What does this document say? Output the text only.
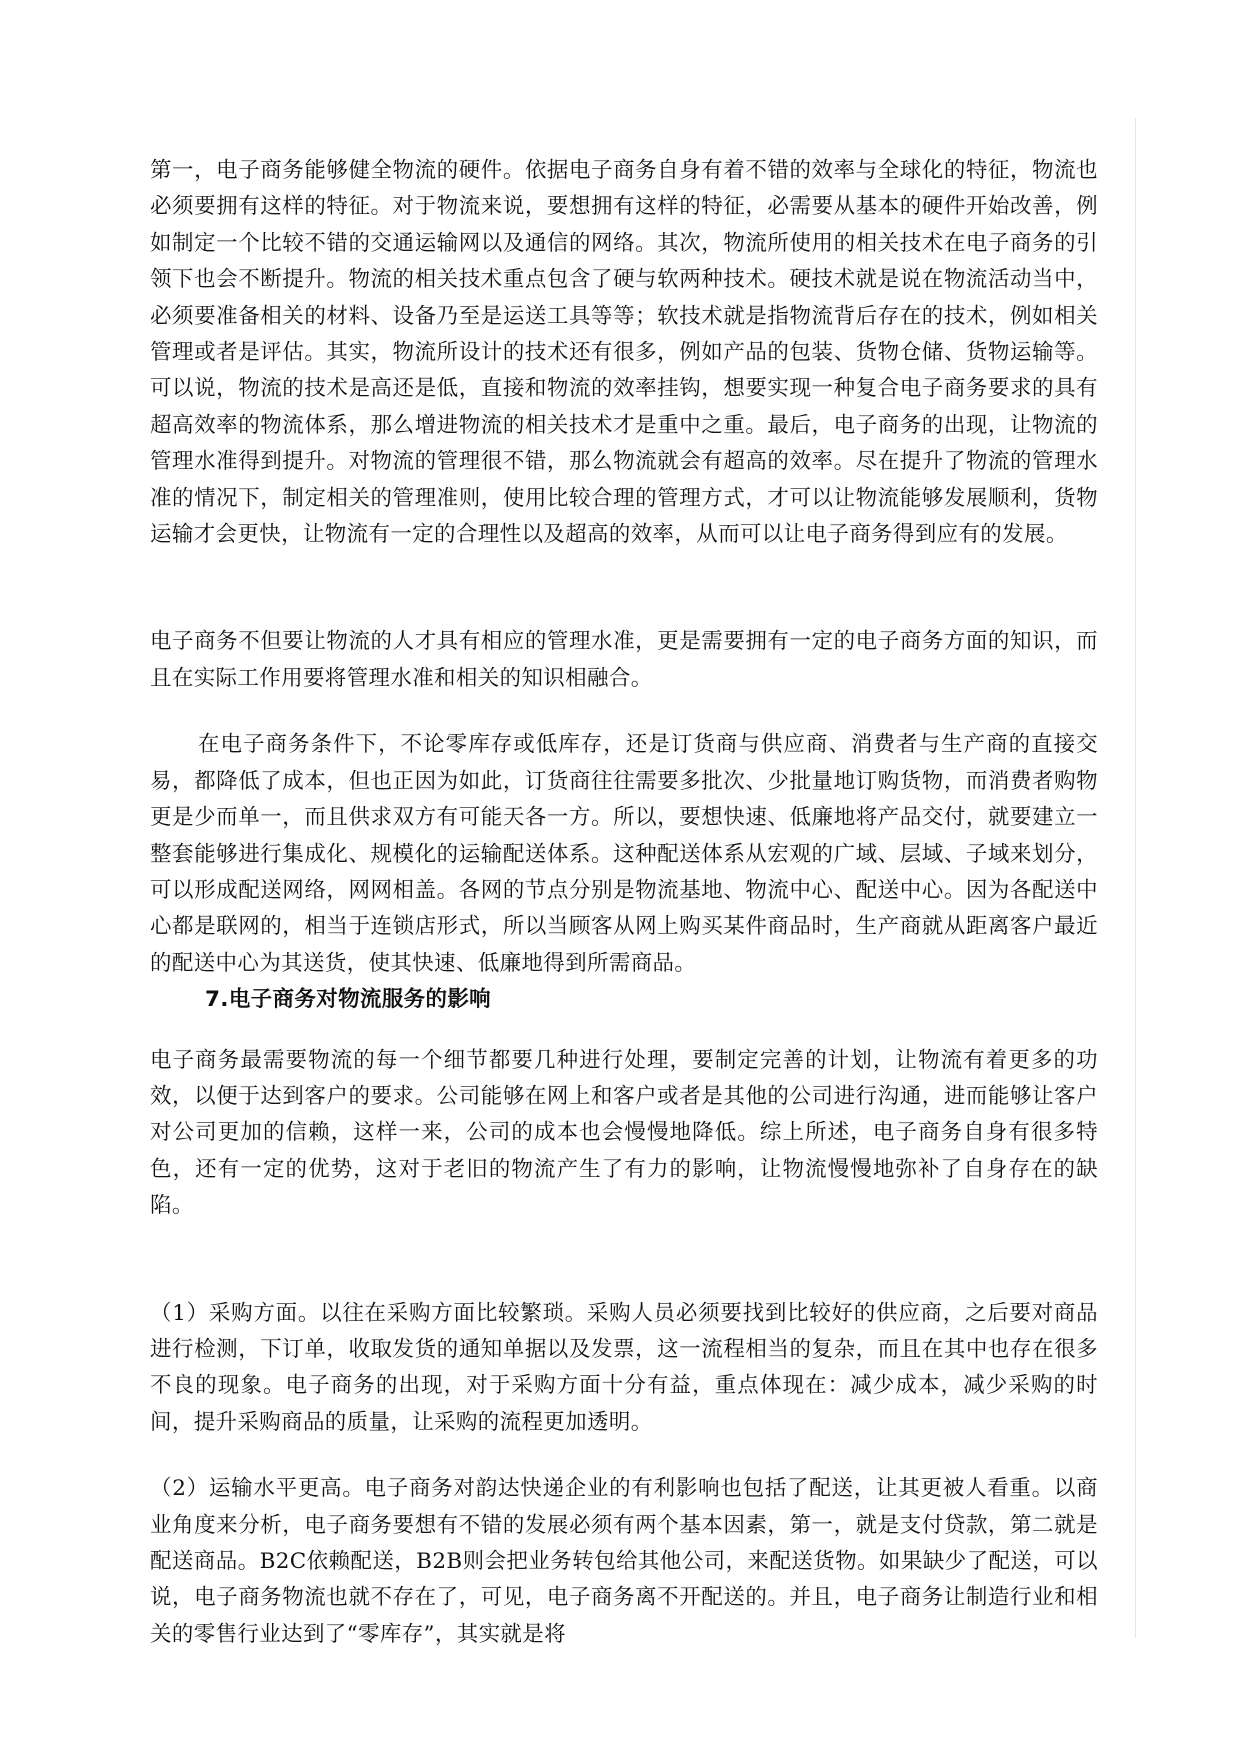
第一，电子商务能够健全物流的硬件。依据电子商务自身有着不错的效率与全球化的特征，物流也必须要拥有这样的特征。对于物流来说，要想拥有这样的特征，必需要从基本的硬件开始改善，例如制定一个比较不错的交通运输网以及通信的网络。其次，物流所使用的相关技术在电子商务的引领下也会不断提升。物流的相关技术重点包含了硬与软两种技术。硬技术就是说在物流活动当中，必须要准备相关的材料、设备乃至是运送工具等等；软技术就是指物流背后存在的技术，例如相关管理或者是评估。其实，物流所设计的技术还有很多，例如产品的包装、货物仓储、货物运输等。可以说，物流的技术是高还是低，直接和物流的效率挂钩，想要实现一种复合电子商务要求的具有超高效率的物流体系，那么增进物流的相关技术才是重中之重。最后，电子商务的出现，让物流的管理水准得到提升。对物流的管理很不错，那么物流就会有超高的效率。尽在提升了物流的管理水准的情况下，制定相关的管理准则，使用比较合理的管理方式，才可以让物流能够发展顺利，货物运输才会更快，让物流有一定的合理性以及超高的效率，从而可以让电子商务得到应有的发展。

电子商务不但要让物流的人才具有相应的管理水准，更是需要拥有一定的电子商务方面的知识，而且在实际工作用要将管理水准和相关的知识相融合。

在电子商务条件下，不论零库存或低库存，还是订货商与供应商、消费者与生产商的直接交易，都降低了成本，但也正因为如此，订货商往往需要多批次、少批量地订购货物，而消费者购物更是少而单一，而且供求双方有可能天各一方。所以，要想快速、低廉地将产品交付，就要建立一整套能够进行集成化、规模化的运输配送体系。这种配送体系从宏观的广域、层域、子域来划分，可以形成配送网络，网网相盖。各网的节点分别是物流基地、物流中心、配送中心。因为各配送中心都是联网的，相当于连锁店形式，所以当顾客从网上购买某件商品时，生产商就从距离客户最近的配送中心为其送货，使其快速、低廉地得到所需商品。

7.电子商务对物流服务的影响

电子商务最需要物流的每一个细节都要几种进行处理，要制定完善的计划，让物流有着更多的功效，以便于达到客户的要求。公司能够在网上和客户或者是其他的公司进行沟通，进而能够让客户对公司更加的信赖，这样一来，公司的成本也会慢慢地降低。综上所述，电子商务自身有很多特色，还有一定的优势，这对于老旧的物流产生了有力的影响，让物流慢慢地弥补了自身存在的缺陷。

（1）采购方面。以往在采购方面比较繁琐。采购人员必须要找到比较好的供应商，之后要对商品进行检测，下订单，收取发货的通知单据以及发票，这一流程相当的复杂，而且在其中也存在很多不良的现象。电子商务的出现，对于采购方面十分有益，重点体现在：减少成本，减少采购的时间，提升采购商品的质量，让采购的流程更加透明。

（2）运输水平更高。电子商务对韵达快递企业的有利影响也包括了配送，让其更被人看重。以商业角度来分析，电子商务要想有不错的发展必须有两个基本因素，第一，就是支付贷款，第二就是配送商品。B2C依赖配送，B2B则会把业务转包给其他公司，来配送货物。如果缺少了配送，可以说，电子商务物流也就不存在了，可见，电子商务离不开配送的。并且，电子商务让制造行业和相关的零售行业达到了“零库存”，其实就是将
